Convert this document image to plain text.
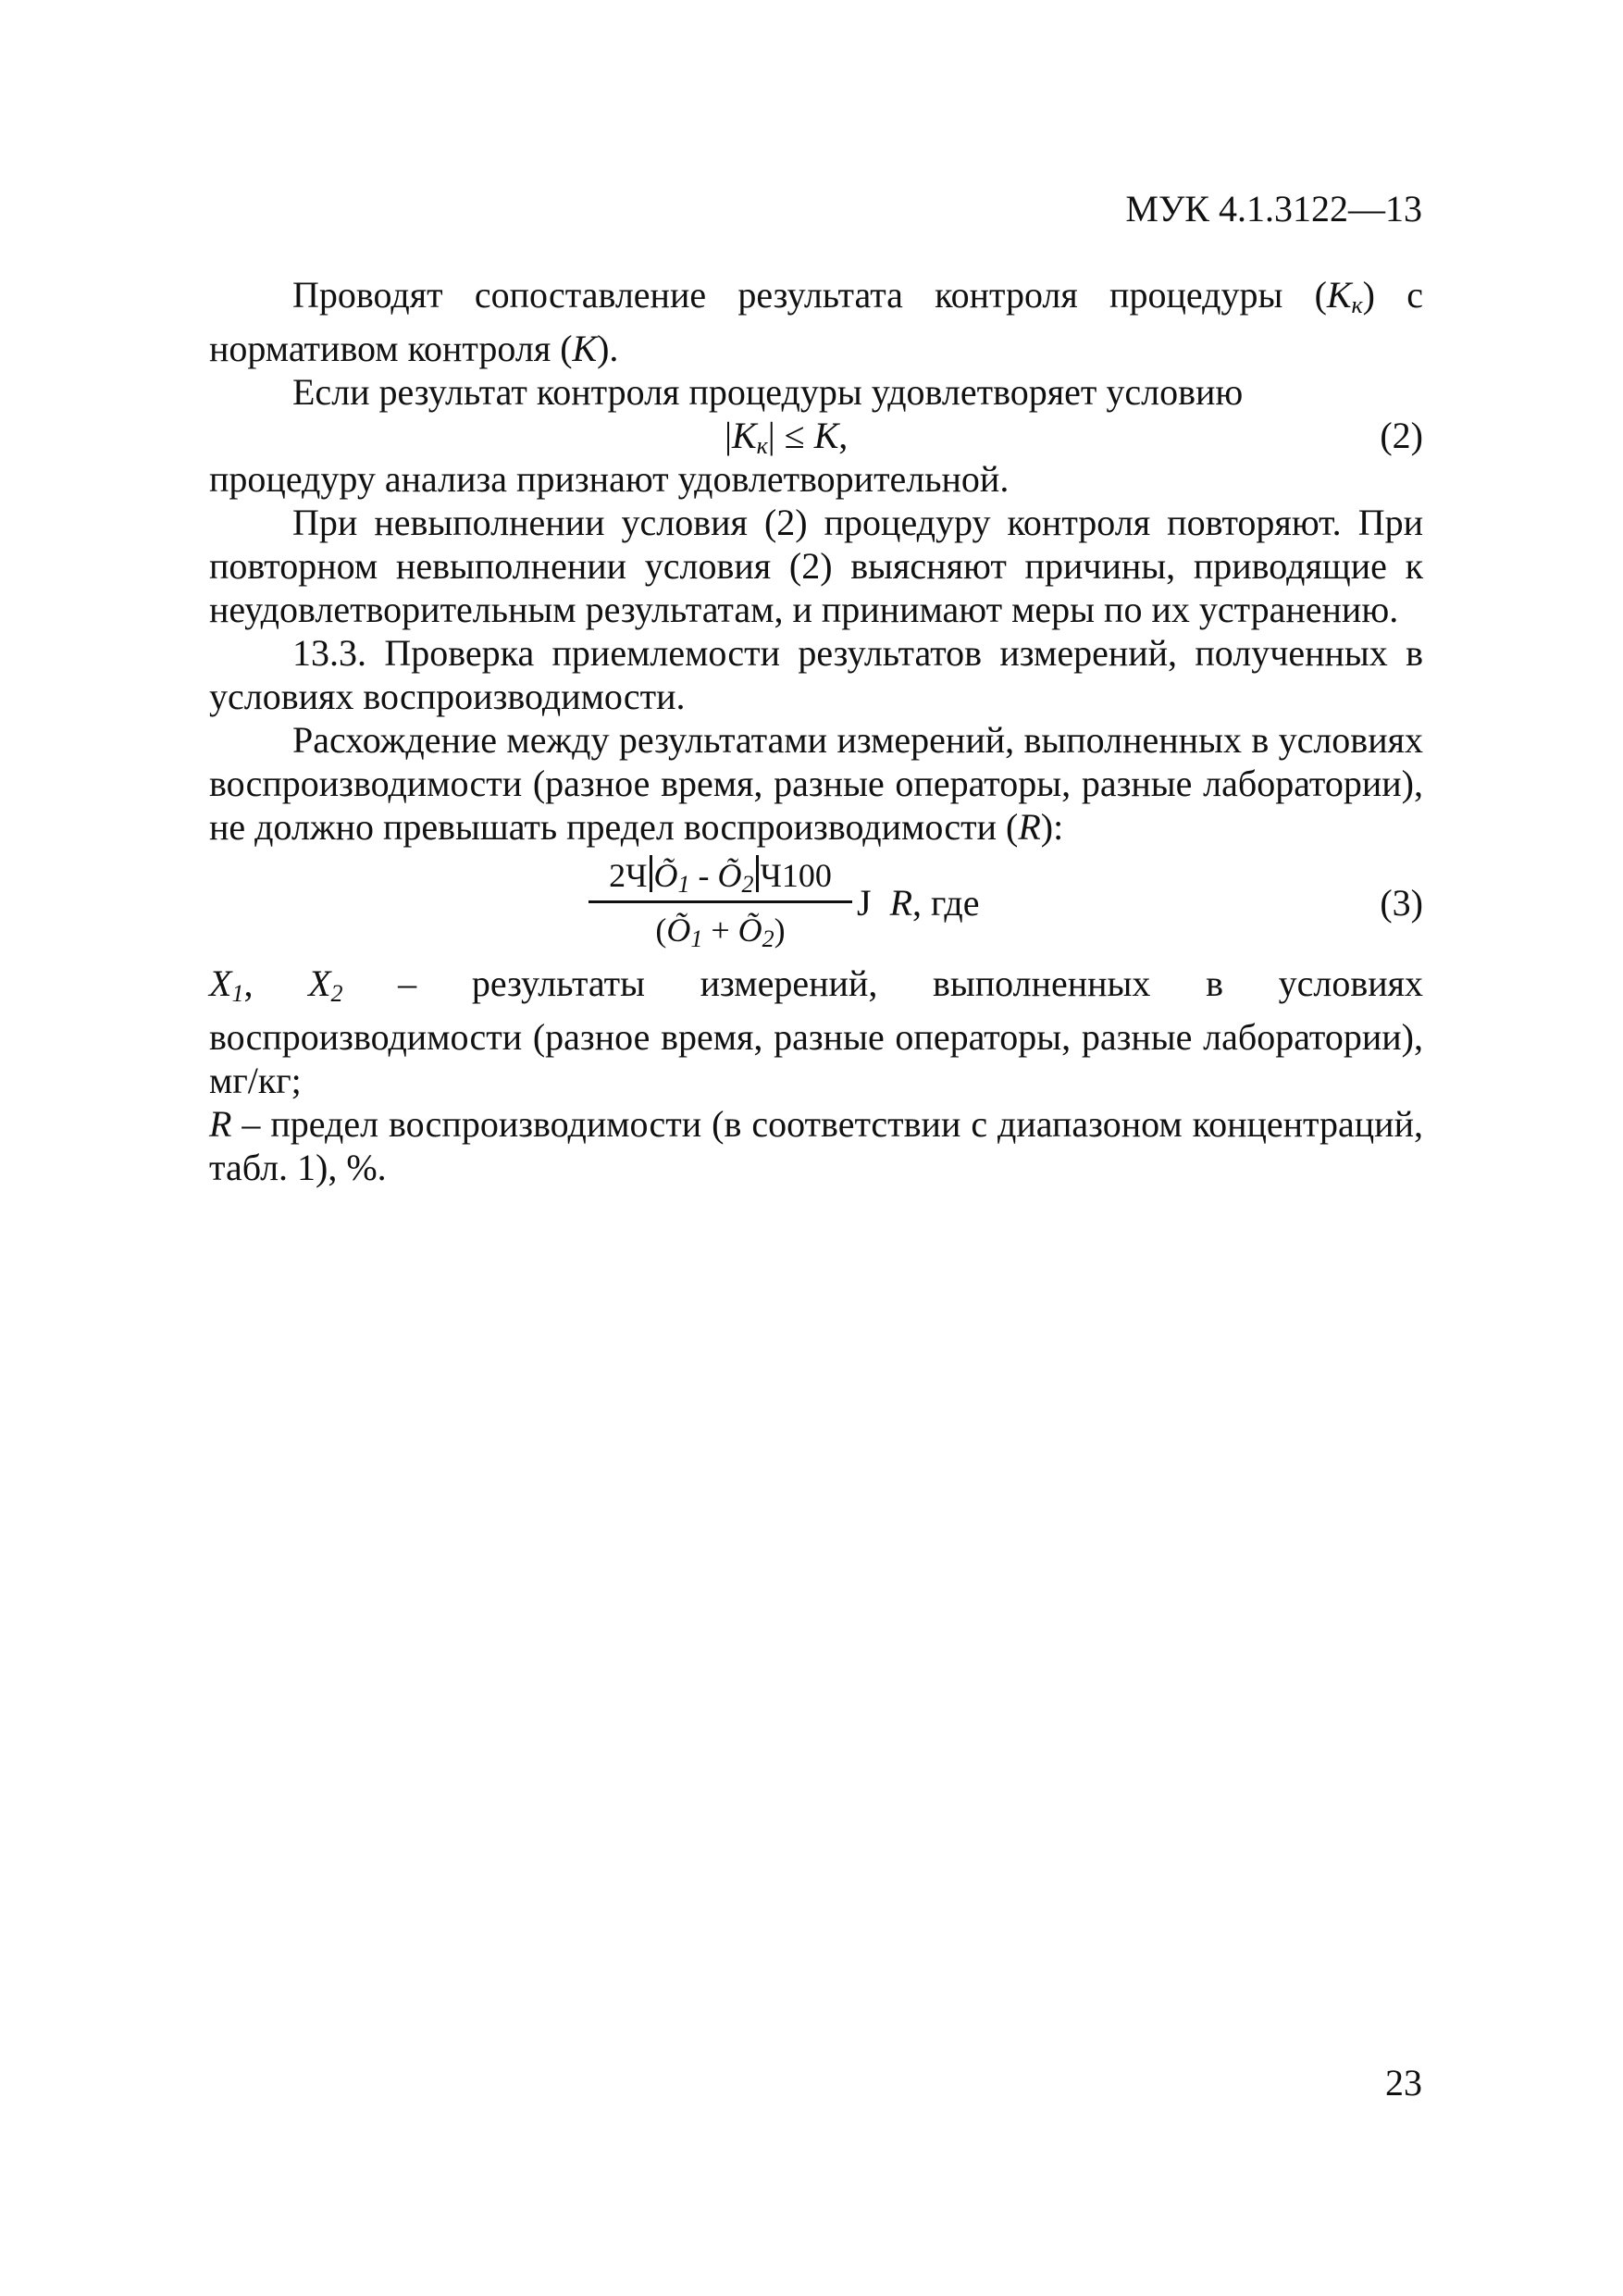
МУК 4.1.3122—13

Проводят сопоставление результата контроля процедуры $(К_к)$ с нормативом контроля (К).

Если результат контроля процедуры удовлетворяет условию

$|К_к| \le К$,	(2)

процедуру анализа признают удовлетворительной.

При невыполнении условия (2) процедуру контроля повторяют. При повторном невыполнении условия (2) выясняют причины, приводящие к неудовлетворительным результатам, и принимают меры по их устранению.

13.3. Проверка приемлемости результатов измерений, полученных в условиях воспроизводимости.

Расхождение между результатами измерений, выполненных в условиях воспроизводимости (разное время, разные операторы, разные лаборатории), не должно превышать предел воспроизводимости (R):

2Ч $Õ_1$ - $Õ_2$ Ч100
($Õ_1$ + $Õ_2$)
J R, где	(3)

$X_1$, $X_2$ – результаты измерений, выполненных в условиях воспроизводимости (разное время, разные операторы, разные лаборатории), мг/кг;

R – предел воспроизводимости (в соответствии с диапазоном концентраций, табл. 1), %.

23
